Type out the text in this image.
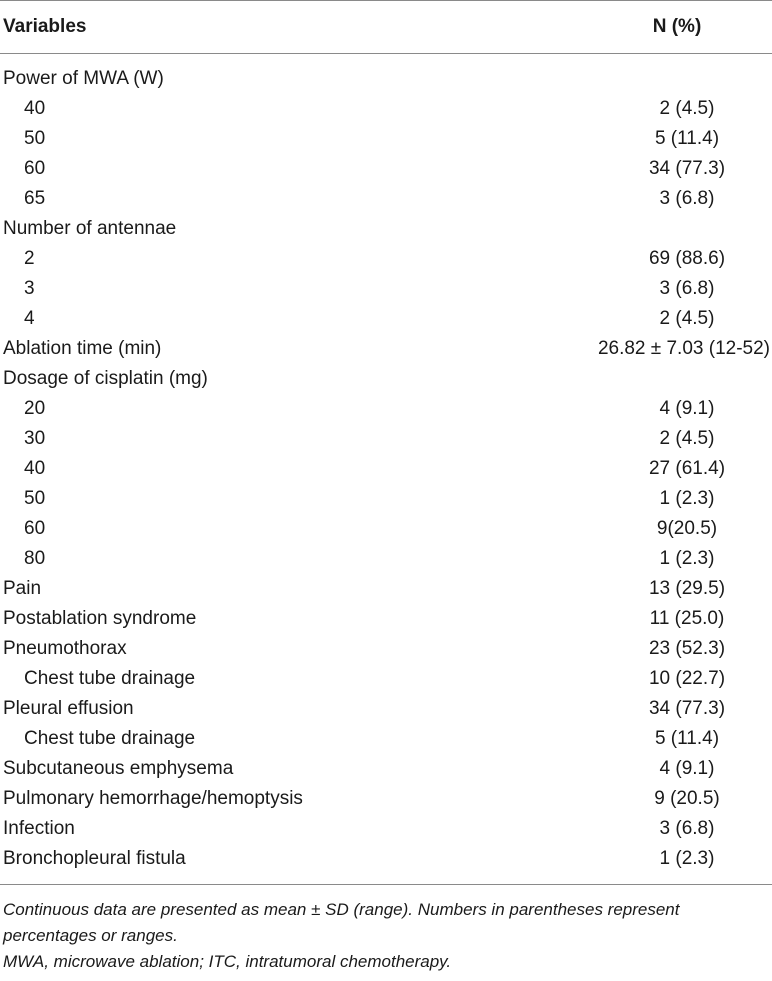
Variables	N (%)
Power of MWA (W)
40	2 (4.5)
50	5 (11.4)
60	34 (77.3)
65	3 (6.8)
Number of antennae
2	69 (88.6)
3	3 (6.8)
4	2 (4.5)
Ablation time (min)	26.82 ± 7.03 (12-52)
Dosage of cisplatin (mg)
20	4 (9.1)
30	2 (4.5)
40	27 (61.4)
50	1 (2.3)
60	9(20.5)
80	1 (2.3)
Pain	13 (29.5)
Postablation syndrome	11 (25.0)
Pneumothorax	23 (52.3)
Chest tube drainage	10 (22.7)
Pleural effusion	34 (77.3)
Chest tube drainage	5 (11.4)
Subcutaneous emphysema	4 (9.1)
Pulmonary hemorrhage/hemoptysis	9 (20.5)
Infection	3 (6.8)
Bronchopleural fistula	1 (2.3)

Continuous data are presented as mean ± SD (range). Numbers in parentheses represent percentages or ranges.

MWA, microwave ablation; ITC, intratumoral chemotherapy.
